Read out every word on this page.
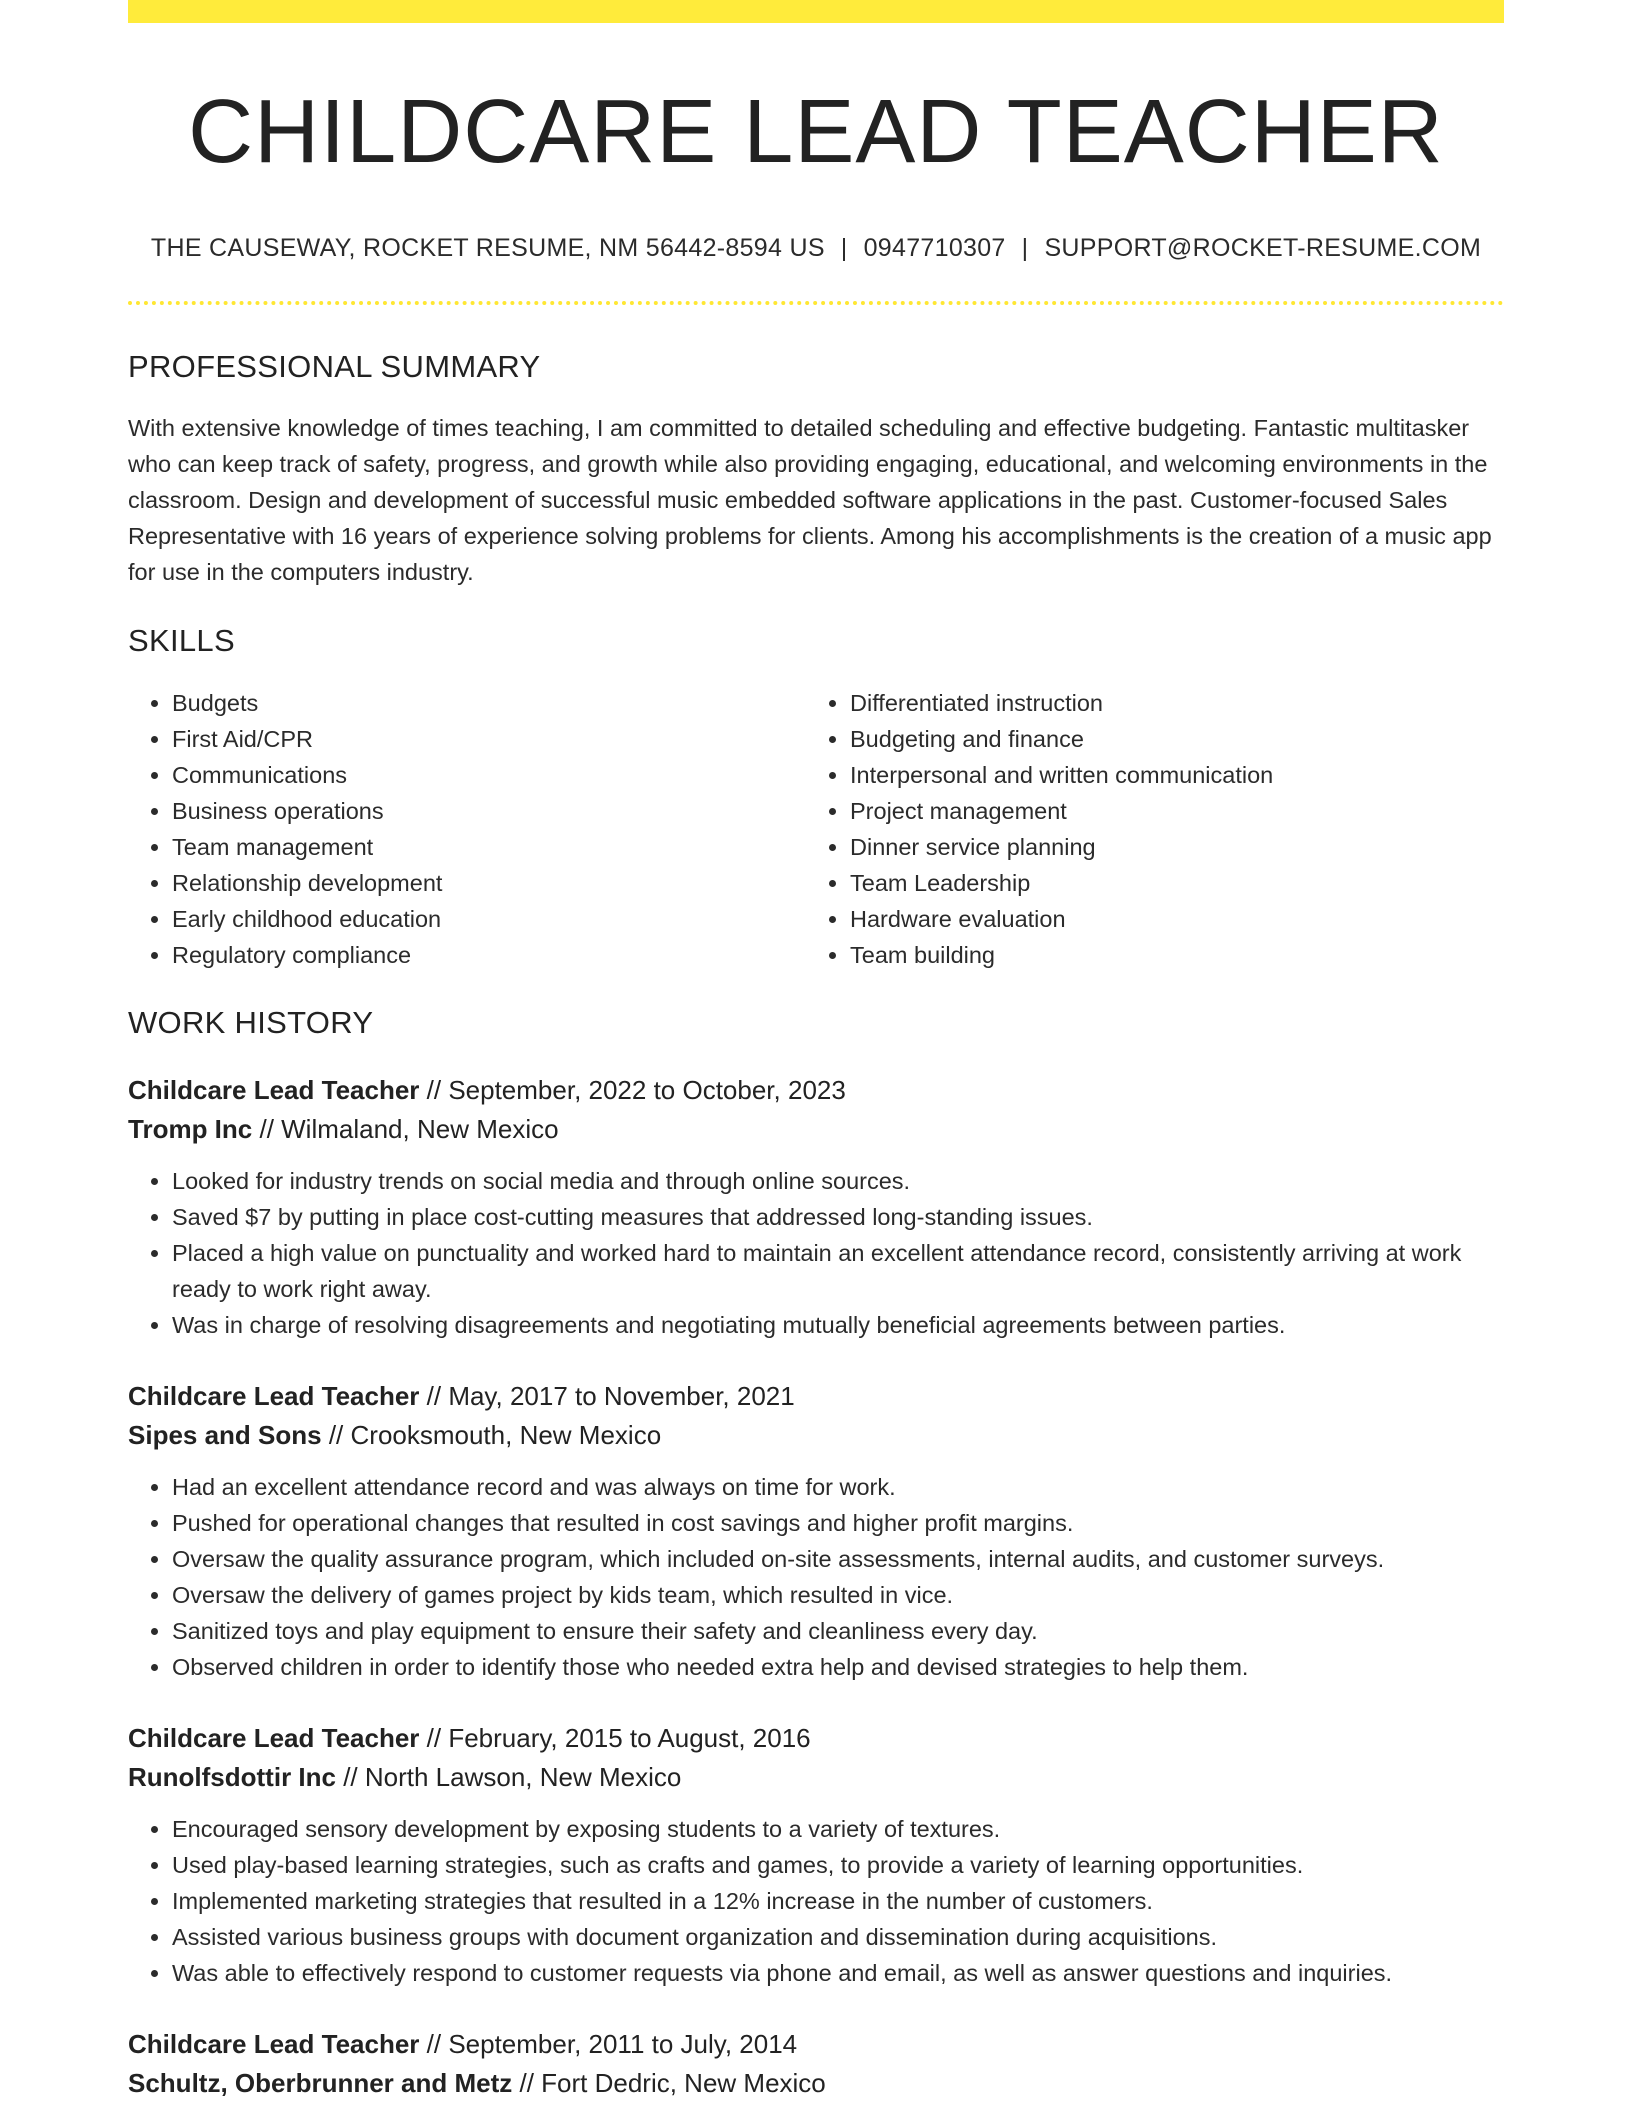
CHILDCARE LEAD TEACHER
THE CAUSEWAY, ROCKET RESUME, NM 56442-8594 US | 0947710307 | SUPPORT@ROCKET-RESUME.COM
PROFESSIONAL SUMMARY

With extensive knowledge of times teaching, I am committed to detailed scheduling and effective budgeting. Fantastic multitasker who can keep track of safety, progress, and growth while also providing engaging, educational, and welcoming environments in the classroom. Design and development of successful music embedded software applications in the past. Customer-focused Sales Representative with 16 years of experience solving problems for clients. Among his accomplishments is the creation of a music app for use in the computers industry.

SKILLS
• Budgets
• First Aid/CPR
• Communications
• Business operations
• Team management
• Relationship development
• Early childhood education
• Regulatory compliance
• Differentiated instruction
• Budgeting and finance
• Interpersonal and written communication
• Project management
• Dinner service planning
• Team Leadership
• Hardware evaluation
• Team building
WORK HISTORY
Childcare Lead Teacher // September, 2022 to October, 2023
Tromp Inc // Wilmaland, New Mexico
• Looked for industry trends on social media and through online sources.
• Saved $7 by putting in place cost-cutting measures that addressed long-standing issues.
• Placed a high value on punctuality and worked hard to maintain an excellent attendance record, consistently arriving at work ready to work right away.
• Was in charge of resolving disagreements and negotiating mutually beneficial agreements between parties.
Childcare Lead Teacher // May, 2017 to November, 2021
Sipes and Sons // Crooksmouth, New Mexico
• Had an excellent attendance record and was always on time for work.
• Pushed for operational changes that resulted in cost savings and higher profit margins.
• Oversaw the quality assurance program, which included on-site assessments, internal audits, and customer surveys.
• Oversaw the delivery of games project by kids team, which resulted in vice.
• Sanitized toys and play equipment to ensure their safety and cleanliness every day.
• Observed children in order to identify those who needed extra help and devised strategies to help them.
Childcare Lead Teacher // February, 2015 to August, 2016
Runolfsdottir Inc // North Lawson, New Mexico
• Encouraged sensory development by exposing students to a variety of textures.
• Used play-based learning strategies, such as crafts and games, to provide a variety of learning opportunities.
• Implemented marketing strategies that resulted in a 12% increase in the number of customers.
• Assisted various business groups with document organization and dissemination during acquisitions.
• Was able to effectively respond to customer requests via phone and email, as well as answer questions and inquiries.
Childcare Lead Teacher // September, 2011 to July, 2014
Schultz, Oberbrunner and Metz // Fort Dedric, New Mexico
